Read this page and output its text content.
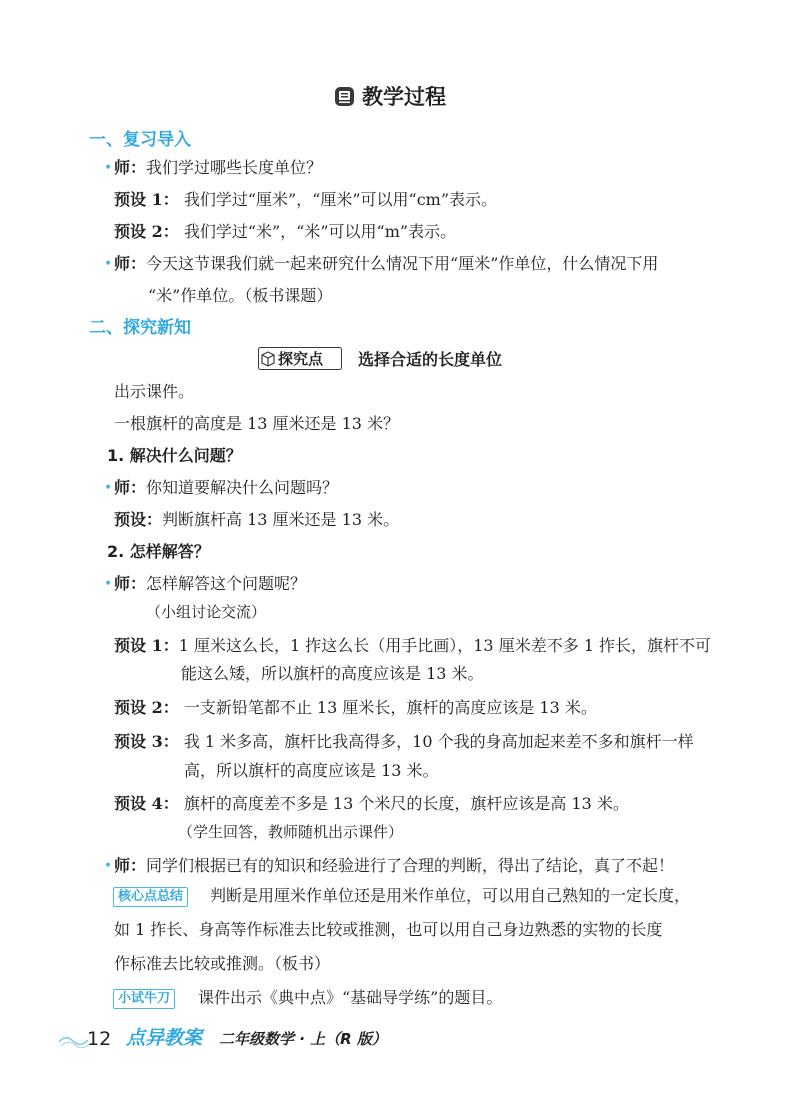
教学过程
一、复习导入
• 师：我们学过哪些长度单位？
预设 1： 我们学过“厘米”，“厘米”可以用“cm”表示。
预设 2： 我们学过“米”，“米”可以用“m”表示。
• 师：今天这节课我们就一起来研究什么情况下用“厘米”作单位，什么情况下用
“米”作单位。（板书课题）
二、探究新知
探究点 选择合适的长度单位
出示课件。
一根旗杆的高度是 13 厘米还是 13 米？
1. 解决什么问题？
• 师：你知道要解决什么问题吗？
预设：判断旗杆高 13 厘米还是 13 米。
2. 怎样解答？
• 师：怎样解答这个问题呢？
（小组讨论交流）
预设 1：1 厘米这么长，1 拃这么长（用手比画），13 厘米差不多 1 拃长，旗杆不可
能这么矮，所以旗杆的高度应该是 13 米。
预设 2： 一支新铅笔都不止 13 厘米长，旗杆的高度应该是 13 米。
预设 3： 我 1 米多高，旗杆比我高得多，10 个我的身高加起来差不多和旗杆一样
高，所以旗杆的高度应该是 13 米。
预设 4： 旗杆的高度差不多是 13 个米尺的长度，旗杆应该是高 13 米。
（学生回答，教师随机出示课件）
• 师：同学们根据已有的知识和经验进行了合理的判断，得出了结论，真了不起！
核心点总结	判断是用厘米作单位还是用米作单位，可以用自己熟知的一定长度，
如 1 拃长、身高等作标准去比较或推测，也可以用自己身边熟悉的实物的长度
作标准去比较或推测。（板书）
小试牛刀	课件出示《典中点》“基础导学练”的题目。
12 点异教案 二年级数学 · 上（R 版）
